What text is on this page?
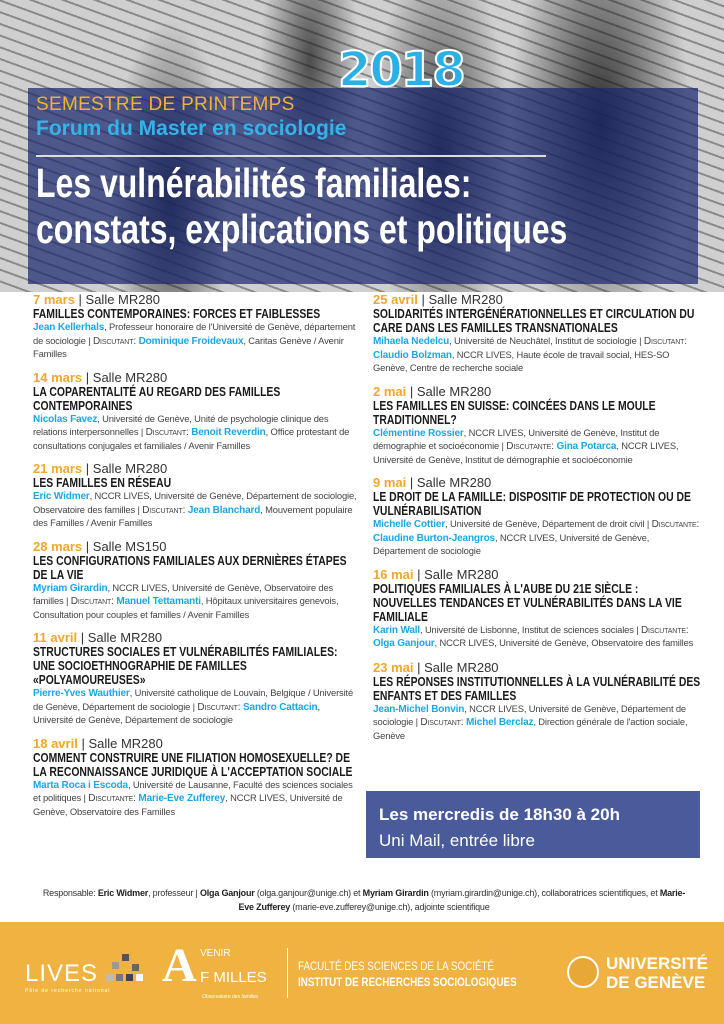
2018
SEMESTRE DE PRINTEMPS
Forum du Master en sociologie
Les vulnérabilités familiales:
constats, explications et politiques
7 mars | Salle MR280
FAMILLES CONTEMPORAINES: FORCES ET FAIBLESSES
Jean Kellerhals, Professeur honoraire de l'Université de Genève, département de sociologie | Discutant: Dominique Froidevaux, Caritas Genève / Avenir Familles
14 mars | Salle MR280
LA COPARENTALITÉ AU REGARD DES FAMILLES CONTEMPORAINES
Nicolas Favez, Université de Genève, Unité de psychologie clinique des relations interpersonnelles | Discutant: Benoit Reverdin, Office protestant de consultations conjugales et familiales / Avenir Familles
21 mars | Salle MR280
LES FAMILLES EN RÉSEAU
Eric Widmer, NCCR LIVES, Université de Genève, Département de sociologie, Observatoire des familles | Discutant: Jean Blanchard, Mouvement populaire des Familles / Avenir Familles
28 mars | Salle MS150
LES CONFIGURATIONS FAMILIALES AUX DERNIÈRES ÉTAPES DE LA VIE
Myriam Girardin, NCCR LIVES, Université de Genève, Observatoire des familles | Discutant: Manuel Tettamanti, Hôpitaux universitaires genevois, Consultation pour couples et familles / Avenir Familles
11 avril | Salle MR280
STRUCTURES SOCIALES ET VULNÉRABILITÉS FAMILIALES: UNE SOCIOETHNOGRAPHIE DE FAMILLES «POLYAMOUREUSES»
Pierre-Yves Wauthier, Université catholique de Louvain, Belgique / Université de Genève, Département de sociologie | Discutant: Sandro Cattacin, Université de Genève, Département de sociologie
18 avril | Salle MR280
COMMENT CONSTRUIRE UNE FILIATION HOMOSEXUELLE? DE LA RECONNAISSANCE JURIDIQUE À L'ACCEPTATION SOCIALE
Marta Roca i Escoda, Université de Lausanne, Faculté des sciences sociales et politiques | Discutante: Marie-Eve Zufferey, NCCR LIVES, Université de Genève, Observatoire des Familles
25 avril | Salle MR280
SOLIDARITÉS INTERGÉNÉRATIONNELLES ET CIRCULATION DU CARE DANS LES FAMILLES TRANSNATIONALES
Mihaela Nedelcu, Université de Neuchâtel, Institut de sociologie | Discutant: Claudio Bolzman, NCCR LIVES, Haute école de travail social, HES-SO Genève, Centre de recherche sociale
2 mai | Salle MR280
LES FAMILLES EN SUISSE: COINCÉES DANS LE MOULE TRADITIONNEL?
Clémentine Rossier, NCCR LIVES, Université de Genève, Institut de démographie et socioéconomie | Discutante: Gina Potarca, NCCR LIVES, Université de Genève, Institut de démographie et socioéconomie
9 mai | Salle MR280
LE DROIT DE LA FAMILLE: DISPOSITIF DE PROTECTION OU DE VULNÉRABILISATION
Michelle Cottier, Université de Genève, Département de droit civil | Discutante: Claudine Burton-Jeangros, NCCR LIVES, Université de Genève, Département de sociologie
16 mai | Salle MR280
POLITIQUES FAMILIALES À L'AUBE DU 21E SIÈCLE : NOUVELLES TENDANCES ET VULNÉRABILITÉS DANS LA VIE FAMILIALE
Karin Wall, Université de Lisbonne, Institut de sciences sociales | Discutante: Olga Ganjour, NCCR LIVES, Université de Genève, Observatoire des familles
23 mai | Salle MR280
LES RÉPONSES INSTITUTIONNELLES À LA VULNÉRABILITÉ DES ENFANTS ET DES FAMILLES
Jean-Michel Bonvin, NCCR LIVES, Université de Genève, Département de sociologie | Discutant: Michel Berclaz, Direction générale de l'action sociale, Genève
Les mercredis de 18h30 à 20h
Uni Mail, entrée libre
Responsable: Eric Widmer, professeur | Olga Ganjour (olga.ganjour@unige.ch) et Myriam Girardin (myriam.girardin@unige.ch), collaboratrices scientifiques, et Marie-Eve Zufferey (marie-eve.zufferey@unige.ch), adjointe scientifique
LIVES
Pôle de recherche national A VENIR
F MILLES
Observatoire des familles
FACULTÉ DES SCIENCES DE LA SOCIÉTÉ
INSTITUT DE RECHERCHES SOCIOLOGIQUES
UNIVERSITÉ
DE GENÈVE
